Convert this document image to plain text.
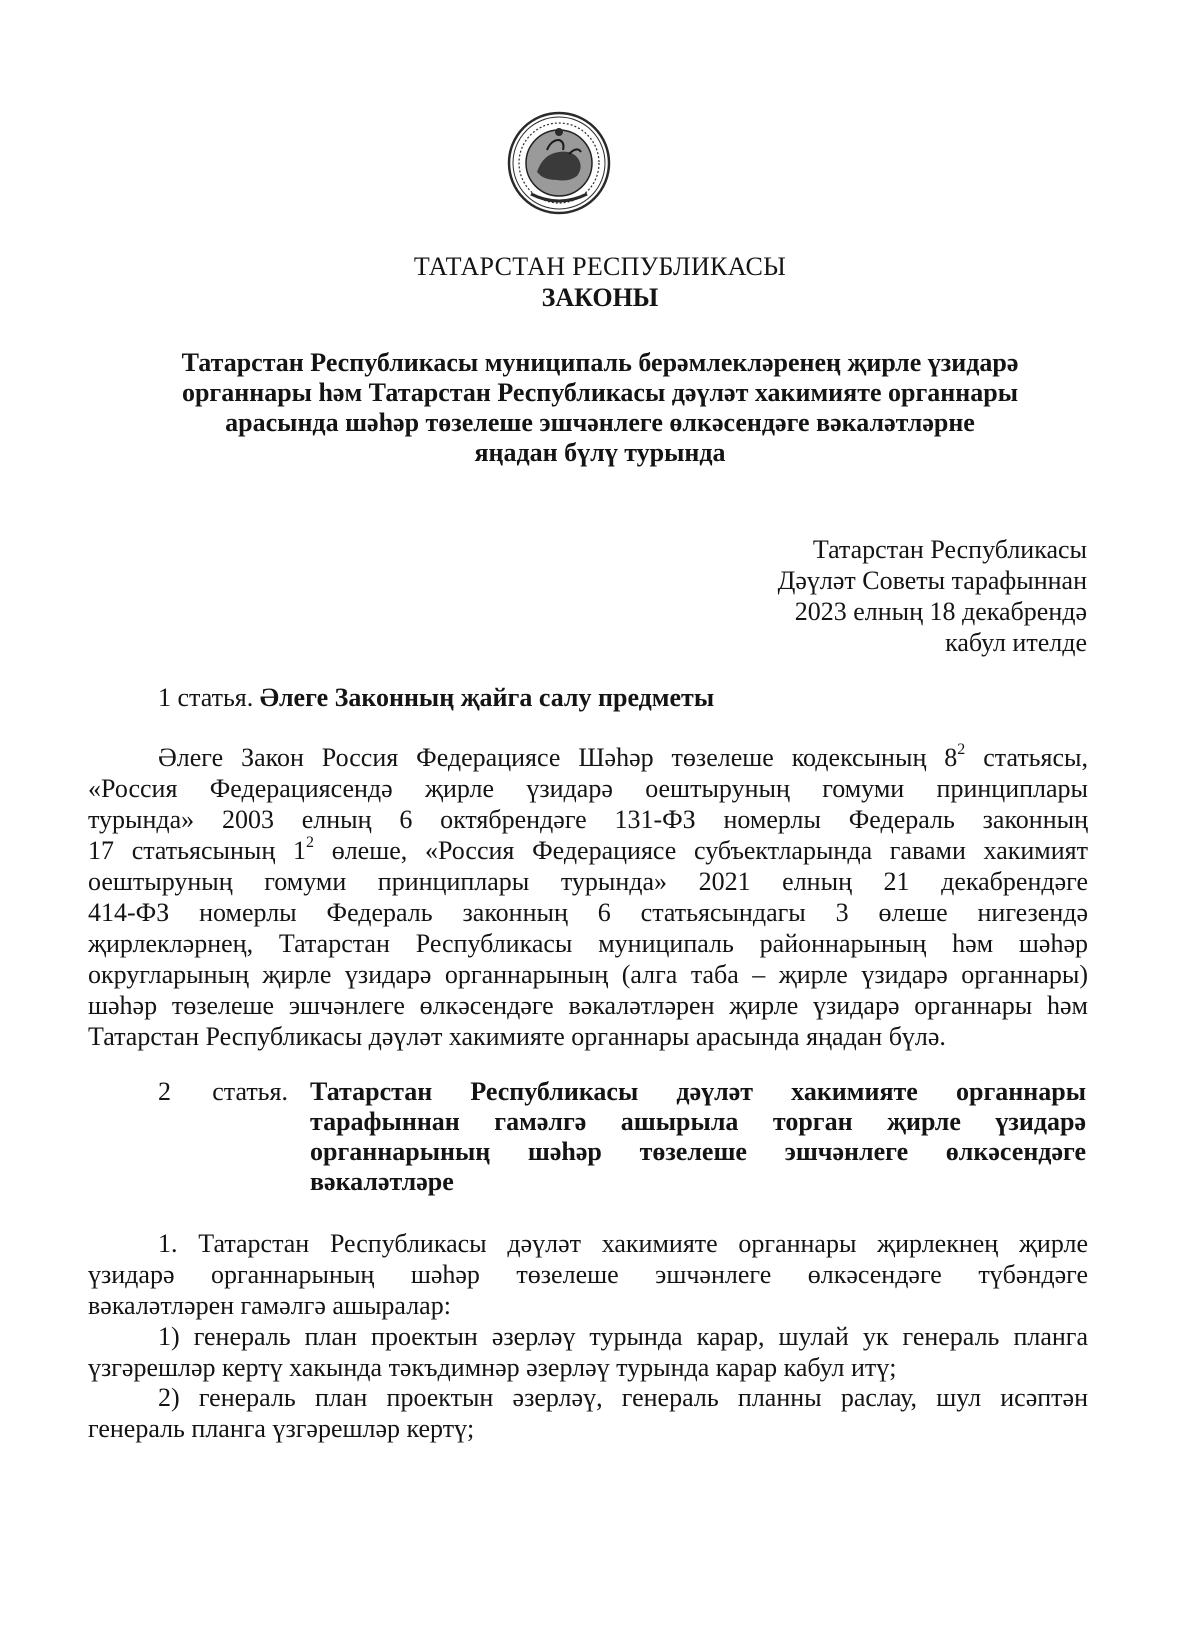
ТАТАРСТАН РЕСПУБЛИКАСЫ
ЗАКОНЫ
Татарстан Республикасы муниципаль берәмлекләренең җирле үзидарә
органнары һәм Татарстан Республикасы дәүләт хакимияте органнары
арасында шәһәр төзелеше эшчәнлеге өлкәсендәге вәкаләтләрне
яңадан бүлү турында
Татарстан Республикасы
Дәүләт Советы тарафыннан
2023 елның 18 декабрендә
кабул ителде
1 статья. Әлеге Законның җайга салу предметы
Әлеге Закон Россия Федерациясе Шәһәр төзелеше кодексының $8^2$ статьясы,
«Россия Федерациясендә җирле үзидарә оештыруның гомуми принциплары
турында» 2003 елның 6 октябрендәге 131-ФЗ номерлы Федераль законның
17 статьясының $1^2$ өлеше, «Россия Федерациясе субъектларында гавами хакимият
оештыруның гомуми принциплары турында» 2021 елның 21 декабрендәге
414-ФЗ номерлы Федераль законның 6 статьясындагы 3 өлеше нигезендә
җирлекләрнең, Татарстан Республикасы муниципаль районнарының һәм шәһәр
округларының җирле үзидарә органнарының (алга таба – җирле үзидарә органнары)
шәһәр төзелеше эшчәнлеге өлкәсендәге вәкаләтләрен җирле үзидарә органнары һәм
Татарстан Республикасы дәүләт хакимияте органнары арасында яңадан бүлә.
2 статья. Татарстан Республикасы дәүләт хакимияте органнары
тарафыннан гамәлгә ашырыла торган җирле үзидарә
органнарының шәһәр төзелеше эшчәнлеге өлкәсендәге
вәкаләтләре
1. Татарстан Республикасы дәүләт хакимияте органнары җирлекнең җирле
үзидарә органнарының шәһәр төзелеше эшчәнлеге өлкәсендәге түбәндәге
вәкаләтләрен гамәлгә ашыралар:
1) генераль план проектын әзерләү турында карар, шулай ук генераль планга
үзгәрешләр кертү хакында тәкъдимнәр әзерләү турында карар кабул итү;
2) генераль план проектын әзерләү, генераль планны раслау, шул исәптән
генераль планга үзгәрешләр кертү;
